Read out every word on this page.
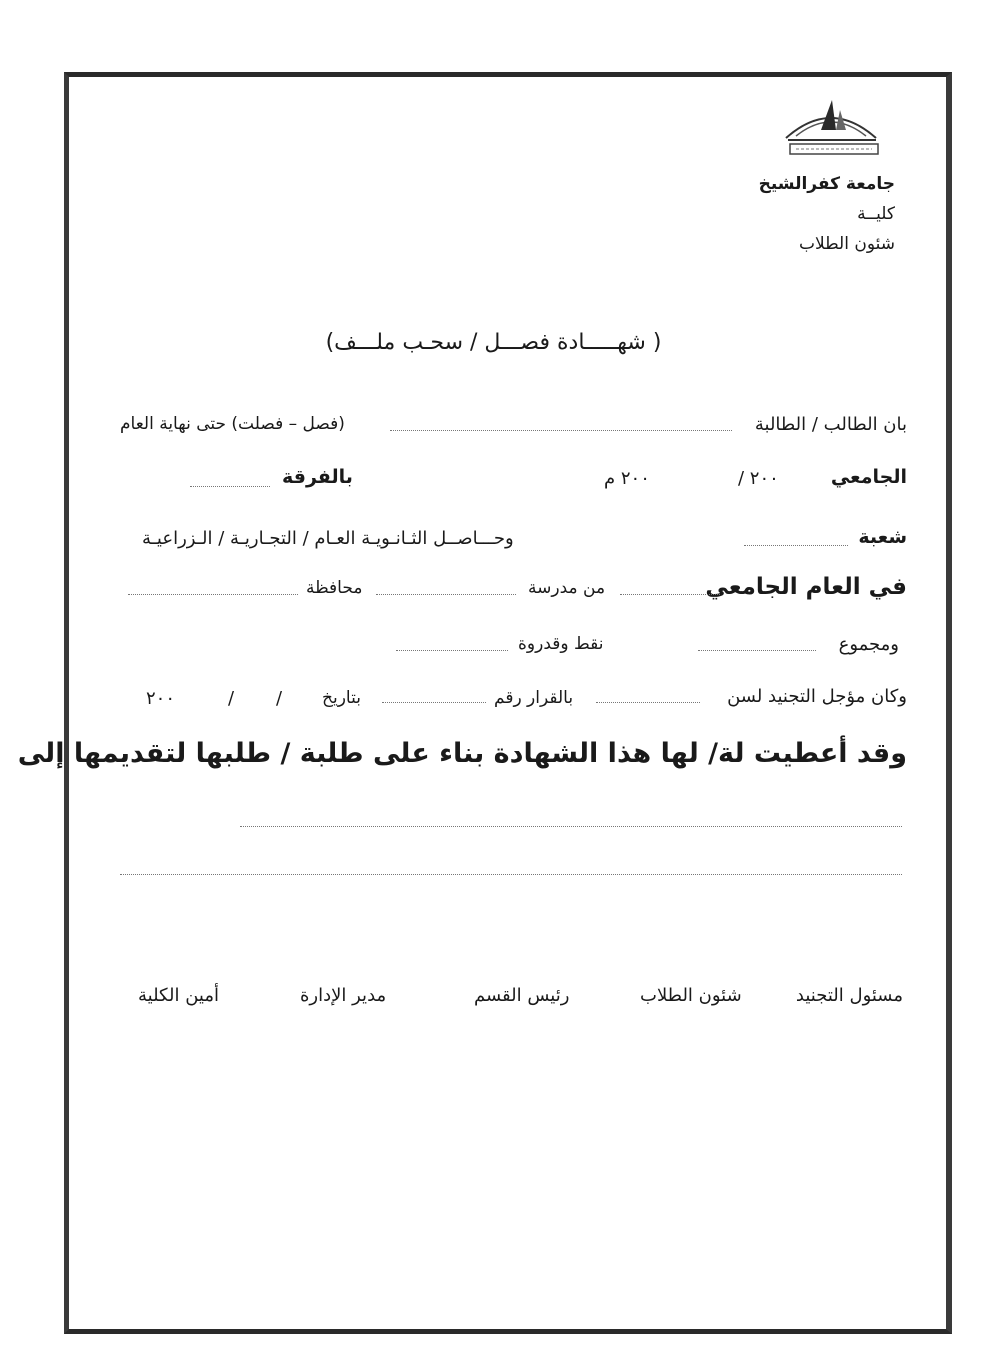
جامعة كفرالشيخ
كليــة
شئون الطلاب
( شهـــــادة فصـــل / سحـب ملـــف)
بان الطالب / الطالبة
(فصل – فصلت) حتى نهاية العام
الجامعي
٢٠٠ /
٢٠٠ م
بالفرقة
شعبة
وحـــاصــل الثـانـويـة العـام / التجـاريـة / الـزراعيـة
في العام الجامعي
من مدرسة
محافظة
ومجموع
نقط وقدروة
وكان مؤجل التجنيد لسن
بالقرار رقم
بتاريخ
/
/
٢٠٠
وقد أعطيت لة/ لها هذا الشهادة بناء على طلبة / طلبها لتقديمها إلى
مسئول التجنيد
شئون الطلاب
رئيس القسم
مدير الإدارة
أمين الكلية
